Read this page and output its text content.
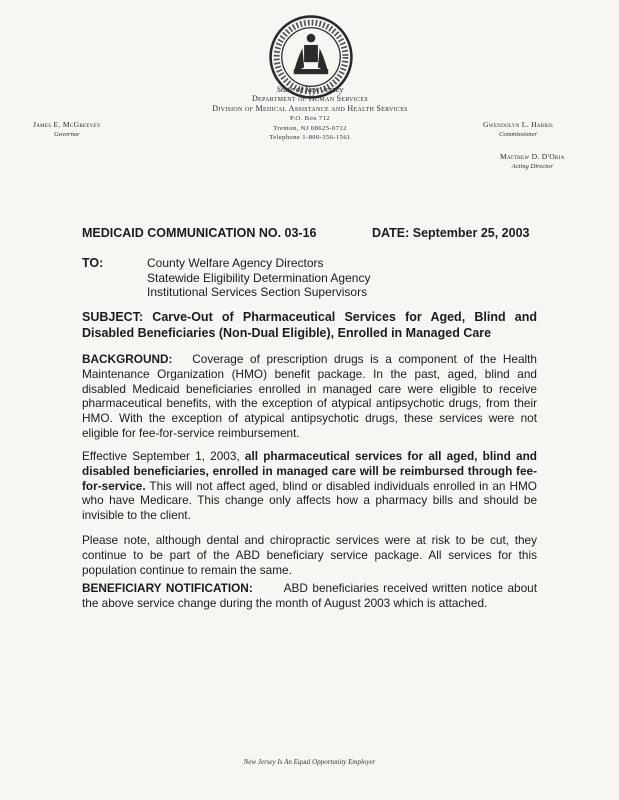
State of New Jersey
Department of Human Services
Division of Medical Assistance and Health Services
P.O. Box 712
Trenton, NJ 08625-0712
Telephone 1-800-356-1561
James E. McGreevey
Governor
Gwendolyn L. Harris
Commissioner
Matthew D. D'Oria
Acting Director
MEDICAID COMMUNICATION NO. 03-16	DATE: September 25, 2003
TO:	County Welfare Agency Directors
Statewide Eligibility Determination Agency
Institutional Services Section Supervisors
SUBJECT: Carve-Out of Pharmaceutical Services for Aged, Blind and Disabled Beneficiaries (Non-Dual Eligible), Enrolled in Managed Care
BACKGROUND: Coverage of prescription drugs is a component of the Health Maintenance Organization (HMO) benefit package. In the past, aged, blind and disabled Medicaid beneficiaries enrolled in managed care were eligible to receive pharmaceutical benefits, with the exception of atypical antipsychotic drugs, from their HMO. With the exception of atypical antipsychotic drugs, these services were not eligible for fee-for-service reimbursement.
Effective September 1, 2003, all pharmaceutical services for all aged, blind and disabled beneficiaries, enrolled in managed care will be reimbursed through fee-for-service. This will not affect aged, blind or disabled individuals enrolled in an HMO who have Medicare. This change only affects how a pharmacy bills and should be invisible to the client.
Please note, although dental and chiropractic services were at risk to be cut, they continue to be part of the ABD beneficiary service package. All services for this population continue to remain the same.
BENEFICIARY NOTIFICATION:	ABD beneficiaries received written notice about the above service change during the month of August 2003 which is attached.
New Jersey Is An Equal Opportunity Employer
